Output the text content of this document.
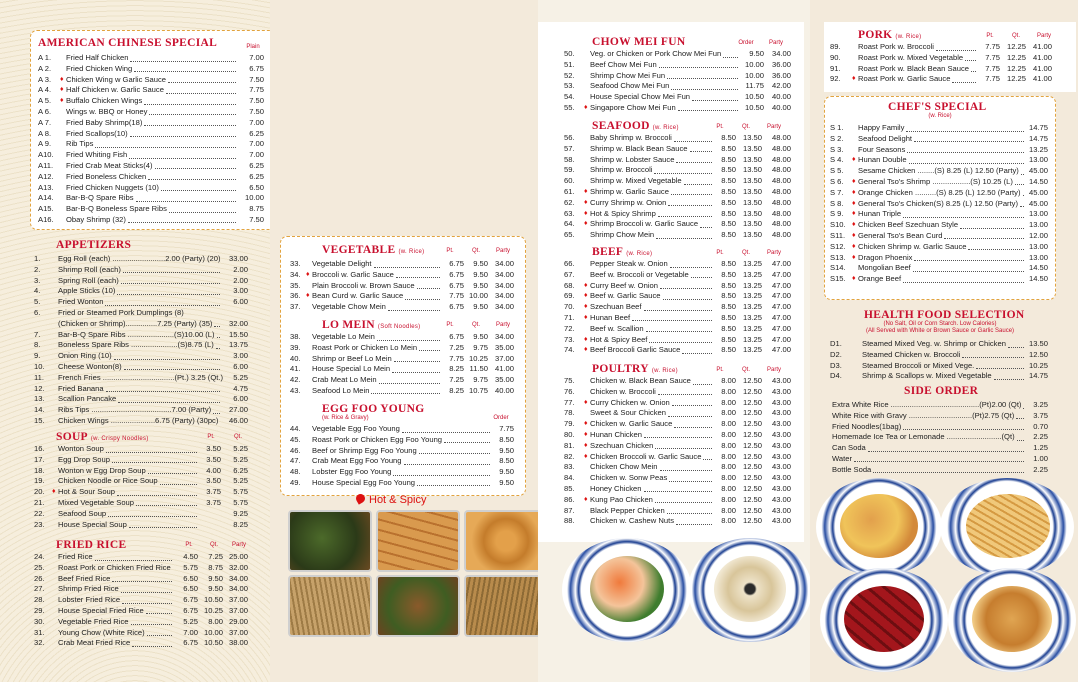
AMERICAN CHINESE SPECIAL	Plain
A 1. Fried Half Chicken	7.00
A 2. Fried Chicken Wing	6.75
A 3. ♦ Chicken Wing w Garlic Sauce	7.50
A 4. ♦ Half Chicken w. Garlic Sauce	7.75
A 5. ♦ Buffalo Chicken Wings	7.50
A 6. Wings w. BBQ or Honey	7.50
A 7. Fried Baby Shrimp(18)	7.00
A 8. Fried Scallops(10)	6.25
A 9. Rib Tips	7.00
A10. Fried Whiting Fish	7.00
A11. Fried Crab Meat Sticks(4)	6.25
A12. Fried Boneless Chicken	6.25
A13. Fried Chicken Nuggets (10)	6.50
A14. Bar-B-Q Spare Ribs	10.00
A15. Bar-B-Q Boneless Spare Ribs	8.75
A16. Obay Shrimp (32)	7.50
APPETIZERS
1. Egg Roll (each) .........................2.00 (Party) (20)	33.00
2. Shrimp Roll (each)	2.00
3. Spring Roll (each)	2.00
4. Apple Sticks (10)	3.00
5. Fried Wonton	6.00
6. Fried or Steamed Pork Dumplings (8)
(Chicken or Shrimp)...............7.25 (Party) (35)	32.00
7. Bar-B-Q Spare Ribs ......................(S)10.00 (L)	15.50
8. Boneless Spare Ribs ......................(S)8.75 (L)	13.75
9. Onion Ring (10)	3.00
10. Cheese Wonton(8)	6.00
11. French Fries ..................................(Pt.) 3.25 (Qt.)	5.25
12. Fried Banana	4.75
13. Scallion Pancake	6.00
14. Ribs Tips ......................................7.00 (Party)	27.00
15. Chicken Wings .....................6.75 (Party) (30pc)	46.00
SOUP (w. Crispy Noodles)	Pt.	Qt.
16. Wonton Soup	3.50	5.25
17. Egg Drop Soup	3.50	5.25
18. Wonton w Egg Drop Soup	4.00	6.25
19. Chicken Noodle or Rice Soup	3.50	5.25
20. ♦ Hot & Sour Soup	3.75	5.75
21. Mixed Vegetable Soup	3.75	5.75
22. Seafood Soup	9.25
23. House Special Soup	8.25
FRIED RICE	Pt.	Qt.	Party
24. Fried Rice	4.50	7.25 25.00
25. Roast Pork or Chicken Fried Rice	5.75	8.75 32.00
26. Beef Fried Rice	6.50	9.50 34.00
27. Shrimp Fried Rice	6.50	9.50 34.00
28. Lobster Fried Rice	6.75 10.50 37.00
29. House Special Fried Rice	6.75 10.25 37.00
30. Vegetable Fried Rice	5.25	8.00 29.00
31. Young Chow (White Rice)	7.00 10.00 37.00
32. Crab Meat Fried Rice	6.75 10.50 38.00
VEGETABLE (w. Rice)	Pt.	Qt.	Party
33. Vegetable Delight	6.75	9.50 34.00
34. ♦ Broccoli w. Garlic Sauce	6.75	9.50 34.00
35. Plain Broccoli w. Brown Sauce	6.75	9.50 34.00
36. ♦ Bean Curd w. Garlic Sauce	7.75 10.00 34.00
37. Vegetable Chow Mein	6.75	9.50 34.00
LO MEIN (Soft Noodles)	Pt.	Qt.	Party
38. Vegetable Lo Mein	6.75	9.50 34.00
39. Roast Pork or Chicken Lo Mein	7.25	9.75 35.00
40. Shrimp or Beef Lo Mein	7.75 10.25 37.00
41. House Special Lo Mein	8.25 11.50 41.00
42. Crab Meat Lo Mein	7.25	9.75 35.00
43. Seafood Lo Mein	8.25 10.75 40.00
EGG FOO YOUNG
(w. Rice & Gravy)	Order
44. Vegetable Egg Foo Young	7.75
45. Roast Pork or Chicken Egg Foo Young	8.50
46. Beef or Shrimp Egg Foo Young	9.50
47. Crab Meat Egg Foo Young	8.50
48. Lobster Egg Foo Young	9.50
49. House Special Egg Foo Young	9.50
Hot & Spicy
CHOW MEI FUN	Order	Party
50. Veg. or Chicken or Pork Chow Mei Fun	9.50	34.00
51. Beef Chow Mei Fun	10.00	36.00
52. Shrimp Chow Mei Fun	10.00	36.00
53. Seafood Chow Mei Fun	11.75	42.00
54. House Special Chow Mei Fun	10.50	40.00
55. ♦ Singapore Chow Mei Fun	10.50	40.00
SEAFOOD (w. Rice)	Pt.	Qt.	Party
56. Baby Shrimp w. Broccoli	8.50 13.50	48.00
57. Shrimp w. Black Bean Sauce	8.50 13.50	48.00
58. Shrimp w. Lobster Sauce	8.50 13.50	48.00
59. Shrimp w. Broccoli	8.50 13.50	48.00
60. Shrimp w. Mixed Vegetable	8.50 13.50	48.00
61. ♦ Shrimp w. Garlic Sauce	8.50 13.50	48.00
62. ♦ Curry Shrimp w. Onion	8.50 13.50	48.00
63. ♦ Hot & Spicy Shrimp	8.50 13.50	48.00
64. ♦ Shrimp Broccoli w. Garlic Sauce	8.50 13.50	48.00
65. Shrimp Chow Mein	8.50 13.50	48.00
BEEF (w. Rice)	Pt.	Qt.	Party
66. Pepper Steak w. Onion	8.50 13.25	47.00
67. Beef w. Broccoli or Vegetable	8.50 13.25	47.00
68. ♦ Curry Beef w. Onion	8.50 13.25	47.00
69. ♦ Beef w. Garlic Sauce	8.50 13.25	47.00
70. ♦ Szechuan Beef	8.50 13.25	47.00
71. ♦ Hunan Beef	8.50 13.25	47.00
72. Beef w. Scallion	8.50 13.25	47.00
73. ♦ Hot & Spicy Beef	8.50 13.25	47.00
74. ♦ Beef Broccoli Garlic Sauce	8.50 13.25	47.00
POULTRY (w. Rice)	Pt.	Qt.	Party
75. Chicken w. Black Bean Sauce	8.00 12.50	43.00
76. Chicken w. Broccoli	8.00 12.50	43.00
77. ♦ Curry Chicken w. Onion	8.00 12.50	43.00
78. Sweet & Sour Chicken	8.00 12.50	43.00
79. ♦ Chicken w. Garlic Sauce	8.00 12.50	43.00
80. ♦ Hunan Chicken	8.00 12.50	43.00
81. ♦ Szechuan Chicken	8.00 12.50	43.00
82. ♦ Chicken Broccoli w. Garlic Sauce	8.00 12.50	43.00
83. Chicken Chow Mein	8.00 12.50	43.00
84. Chicken w. Sonw Peas	8.00 12.50	43.00
85. Honey Chicken	8.00 12.50	43.00
86. ♦ Kung Pao Chicken	8.00 12.50	43.00
87. Black Pepper Chicken	8.00 12.50	43.00
88. Chicken w. Cashew Nuts	8.00 12.50	43.00
PORK (w. Rice)	Pt.	Qt.	Party
89. Roast Pork w. Broccoli	7.75 12.25 41.00
90. Roast Pork w. Mixed Vegetable	7.75 12.25 41.00
91. Roast Pork w. Black Bean Sauce	7.75 12.25 41.00
92. ♦ Roast Pork w. Garlic Sauce	7.75 12.25 41.00
CHEF'S SPECIAL
(w. Rice)
S 1. Happy Family	14.75
S 2. Seafood Delight	14.75
S 3. Four Seasons	13.25
S 4. ♦ Hunan Double	13.00
S 5. Sesame Chicken ........(S) 8.25 (L) 12.50 (Party)	45.00
S 6. ♦ General Tso's Shrimp ..................(S) 10.25 (L)	14.50
S 7. ♦ Orange Chicken ..........(S) 8.25 (L) 12.50 (Party)	45.00
S 8. ♦ General Tso's Chicken(S) 8.25 (L) 12.50 (Party)	45.00
S 9. ♦ Hunan Triple	13.00
S10. ♦ Chicken Beef Szechuan Style	13.00
S11. ♦ General Tso's Bean Curd	12.00
S12. ♦ Chicken Shrimp w. Garlic Sauce	13.00
S13. ♦ Dragon Phoenix	13.00
S14. Mongolian Beef	14.50
S15. ♦ Orange Beef	14.50
HEALTH FOOD SELECTION
(No Salt, Oil or Corn Starch. Low Calories)
(All Served with White or Brown Sauce or Garlic Sauce)
D1.	Steamed Mixed Veg. w. Shrimp or Chicken	13.50
D2.	Steamed Chicken w. Broccoli	12.50
D3.	Steamed Broccoli or Mixed Vege.	10.25
D4.	Shrimp & Scallops w. Mixed Vegetable	14.75
SIDE ORDER
Extra White Rice ..........................................(Pt)2.00 (Qt)	3.25
White Rice with Gravy ..............................(Pt)2.75 (Qt)	3.75
Fried Noodles(1bag)	0.70
Homemade Ice Tea or Lemonade ..........................(Qt)	2.25
Can Soda	1.25
Water	1.00
Bottle Soda	2.25
